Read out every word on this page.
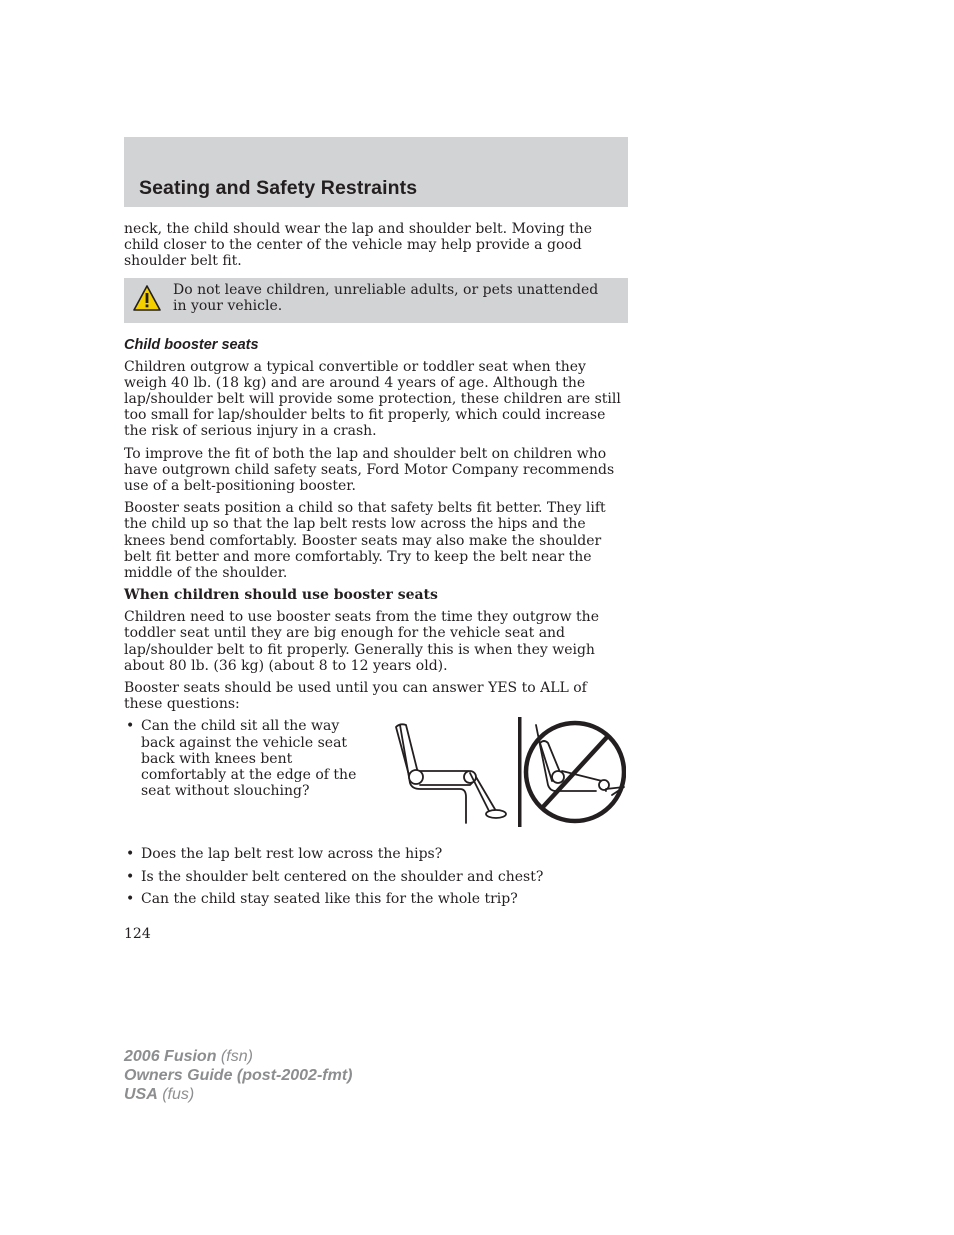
Seating and Safety Restraints

neck, the child should wear the lap and shoulder belt. Moving the child closer to the center of the vehicle may help provide a good shoulder belt fit.

Do not leave children, unreliable adults, or pets unattended in your vehicle.
Child booster seats

Children outgrow a typical convertible or toddler seat when they weigh 40 lb. (18 kg) and are around 4 years of age. Although the lap/shoulder belt will provide some protection, these children are still too small for lap/shoulder belts to fit properly, which could increase the risk of serious injury in a crash.

To improve the fit of both the lap and shoulder belt on children who have outgrown child safety seats, Ford Motor Company recommends use of a belt-positioning booster.

Booster seats position a child so that safety belts fit better. They lift the child up so that the lap belt rests low across the hips and the knees bend comfortably. Booster seats may also make the shoulder belt fit better and more comfortably. Try to keep the belt near the middle of the shoulder.

When children should use booster seats

Children need to use booster seats from the time they outgrow the toddler seat until they are big enough for the vehicle seat and lap/shoulder belt to fit properly. Generally this is when they weigh about 80 lb. (36 kg) (about 8 to 12 years old).

Booster seats should be used until you can answer YES to ALL of these questions:

• Can the child sit all the way back against the vehicle seat back with knees bent comfortably at the edge of the seat without slouching?
• Does the lap belt rest low across the hips?
• Is the shoulder belt centered on the shoulder and chest?
• Can the child stay seated like this for the whole trip?
124
2006 Fusion (fsn)
Owners Guide (post-2002-fmt)
USA (fus)
